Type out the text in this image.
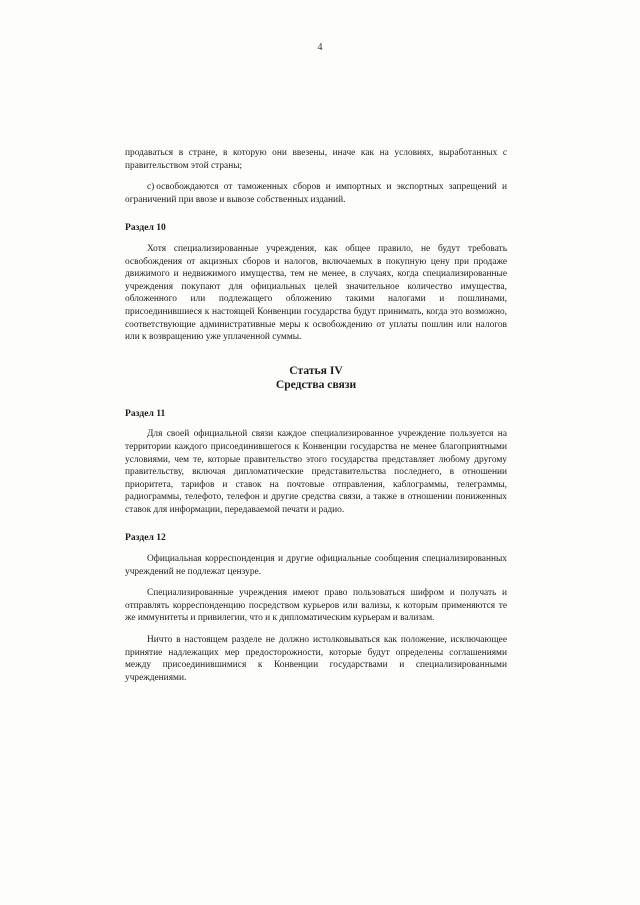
4

продаваться в стране, в которую они ввезены, иначе как на условиях, выработанных с правительством этой страны;

c) освобождаются от таможенных сборов и импортных и экспортных запрещений и ограничений при ввозе и вывозе собственных изданий.

Раздел 10

Хотя специализированные учреждения, как общее правило, не будут требовать освобождения от акцизных сборов и налогов, включаемых в покупную цену при продаже движимого и недвижимого имущества, тем не менее, в случаях, когда специализированные учреждения покупают для официальных целей значительное количество имущества, обложенного или подлежащего обложению такими налогами и пошлинами, присоединившиеся к настоящей Конвенции государства будут принимать, когда это возможно, соответствующие административные меры к освобождению от уплаты пошлин или налогов или к возвращению уже уплаченной суммы.

Статья IV
Средства связи
Раздел 11

Для своей официальной связи каждое специализированное учреждение пользуется на территории каждого присоединившегося к Конвенции государства не менее благоприятными условиями, чем те, которые правительство этого государства представляет любому другому правительству, включая дипломатические представительства последнего, в отношении приоритета, тарифов и ставок на почтовые отправления, каблограммы, телеграммы, радиограммы, телефото, телефон и другие средства связи, а также в отношении пониженных ставок для информации, передаваемой печати и радио.

Раздел 12

Официальная корреспонденция и другие официальные сообщения специализированных учреждений не подлежат цензуре.

Специализированные учреждения имеют право пользоваться шифром и получать и отправлять корреспонденцию посредством курьеров или вализы, к которым применяются те же иммунитеты и привилегии, что и к дипломатическим курьерам и вализам.

Ничто в настоящем разделе не должно истолковываться как положение, исключающее принятие надлежащих мер предосторожности, которые будут определены соглашениями между присоединившимися к Конвенции государствами и специализированными учреждениями.
